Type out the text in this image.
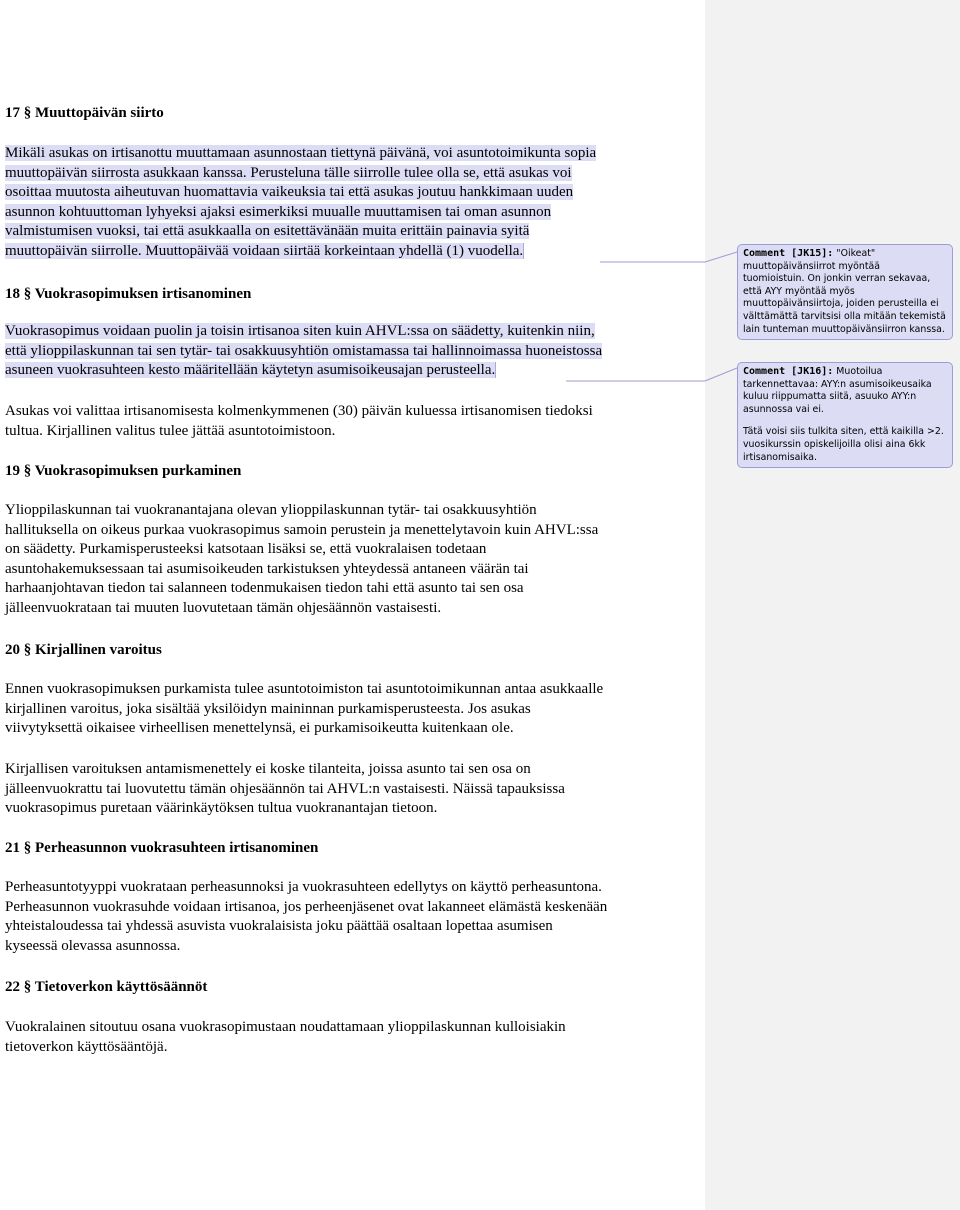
17 § Muuttopäivän siirto
Mikäli asukas on irtisanottu muuttamaan asunnostaan tiettynä päivänä, voi asuntotoimikunta sopia
muuttopäivän siirrosta asukkaan kanssa. Perusteluna tälle siirrolle tulee olla se, että asukas voi
osoittaa muutosta aiheutuvan huomattavia vaikeuksia tai että asukas joutuu hankkimaan uuden
asunnon kohtuuttoman lyhyeksi ajaksi esimerkiksi muualle muuttamisen tai oman asunnon
valmistumisen vuoksi, tai että asukkaalla on esitettävänään muita erittäin painavia syitä
muuttopäivän siirrolle. Muuttopäivää voidaan siirtää korkeintaan yhdellä (1) vuodella.
18 § Vuokrasopimuksen irtisanominen
Vuokrasopimus voidaan puolin ja toisin irtisanoa siten kuin AHVL:ssa on säädetty, kuitenkin niin,
että ylioppilaskunnan tai sen tytär- tai osakkuusyhtiön omistamassa tai hallinnoimassa huoneistossa
asuneen vuokrasuhteen kesto määritellään käytetyn asumisoikeusajan perusteella.
Asukas voi valittaa irtisanomisesta kolmenkymmenen (30) päivän kuluessa irtisanomisen tiedoksi
tultua. Kirjallinen valitus tulee jättää asuntotoimistoon.
19 § Vuokrasopimuksen purkaminen
Ylioppilaskunnan tai vuokranantajana olevan ylioppilaskunnan tytär- tai osakkuusyhtiön
hallituksella on oikeus purkaa vuokrasopimus samoin perustein ja menettelytavoin kuin AHVL:ssa
on säädetty. Purkamisperusteeksi katsotaan lisäksi se, että vuokralaisen todetaan
asuntohakemuksessaan tai asumisoikeuden tarkistuksen yhteydessä antaneen väärän tai
harhaanjohtavan tiedon tai salanneen todenmukaisen tiedon tahi että asunto tai sen osa
jälleenvuokrataan tai muuten luovutetaan tämän ohjesäännön vastaisesti.
20 § Kirjallinen varoitus
Ennen vuokrasopimuksen purkamista tulee asuntotoimiston tai asuntotoimikunnan antaa asukkaalle
kirjallinen varoitus, joka sisältää yksilöidyn maininnan purkamisperusteesta. Jos asukas
viivytyksettä oikaisee virheellisen menettelynsä, ei purkamisoikeutta kuitenkaan ole.
Kirjallisen varoituksen antamismenettely ei koske tilanteita, joissa asunto tai sen osa on
jälleenvuokrattu tai luovutettu tämän ohjesäännön tai AHVL:n vastaisesti. Näissä tapauksissa
vuokrasopimus puretaan väärinkäytöksen tultua vuokranantajan tietoon.
21 § Perheasunnon vuokrasuhteen irtisanominen
Perheasuntotyyppi vuokrataan perheasunnoksi ja vuokrasuhteen edellytys on käyttö perheasuntona.
Perheasunnon vuokrasuhde voidaan irtisanoa, jos perheenjäsenet ovat lakanneet elämästä keskenään
yhteistaloudessa tai yhdessä asuvista vuokralaisista joku päättää osaltaan lopettaa asumisen
kyseessä olevassa asunnossa.
22 § Tietoverkon käyttösäännöt
Vuokralainen sitoutuu osana vuokrasopimustaan noudattamaan ylioppilaskunnan kulloisiakin
tietoverkon käyttösääntöjä.

Comment [JK15]: "Oikeat"

muuttopäivänsiirrot myöntää

tuomioistuin. On jonkin verran sekavaa,

että AYY myöntää myös

muuttopäivänsiirtoja, joiden perusteilla ei

välttämättä tarvitsisi olla mitään tekemistä

lain tunteman muuttopäivänsiirron kanssa.

Comment [JK16]: Muotoilua

tarkennettavaa: AYY:n asumisoikeusaika

kuluu riippumatta siitä, asuuko AYY:n

asunnossa vai ei.

Tätä voisi siis tulkita siten, että kaikilla >2.

vuosikurssin opiskelijoilla olisi aina 6kk

irtisanomisaika.
